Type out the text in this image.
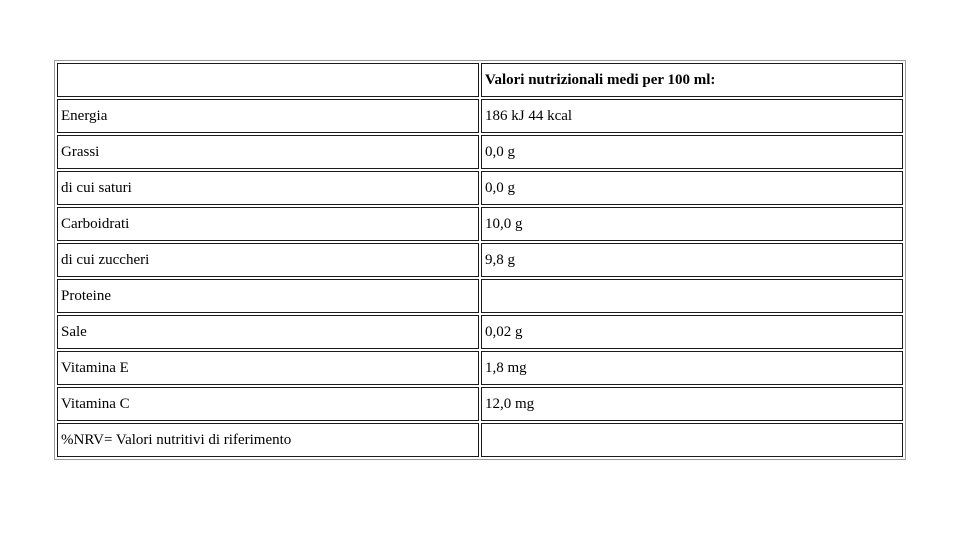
	Valori nutrizionali medi per 100 ml:
Energia	186 kJ 44 kcal
Grassi	0,0 g
di cui saturi	0,0 g
Carboidrati	10,0 g
di cui zuccheri	9,8 g
Proteine	
Sale	0,02 g
Vitamina E	1,8 mg
Vitamina C	12,0 mg
%NRV= Valori nutritivi di riferimento	
